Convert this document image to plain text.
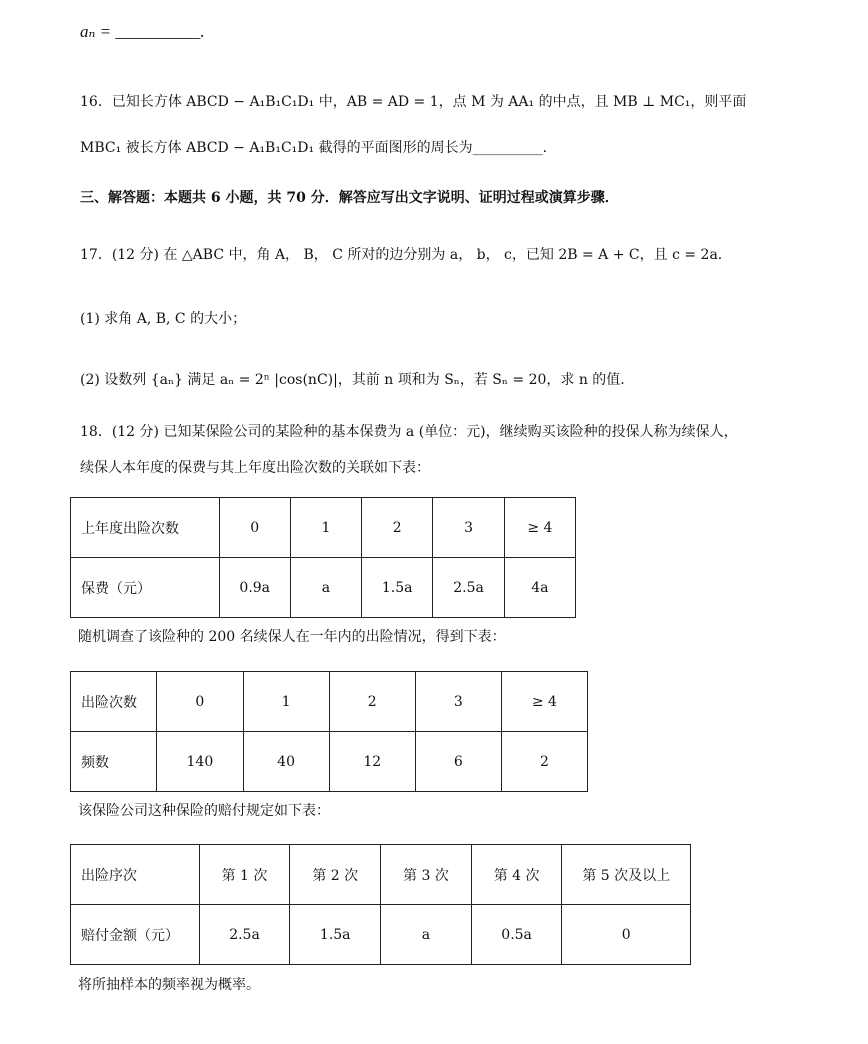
aₙ = __________.
16．已知长方体 ABCD − A₁B₁C₁D₁ 中，AB = AD = 1，点 M 为 AA₁ 的中点，且 MB ⊥ MC₁，则平面
MBC₁ 被长方体 ABCD − A₁B₁C₁D₁ 截得的平面图形的周长为__________.
三、解答题：本题共 6 小题，共 70 分．解答应写出文字说明、证明过程或演算步骤．
17．(12 分) 在 △ABC 中，角 A， B， C 所对的边分别为 a， b， c，已知 2B = A + C，且 c = 2a.
(1) 求角 A, B, C 的大小；
(2) 设数列 {aₙ} 满足 aₙ = 2ⁿ |cos(nC)|，其前 n 项和为 Sₙ，若 Sₙ = 20，求 n 的值.
18．(12 分) 已知某保险公司的某险种的基本保费为 a (单位：元)，继续购买该险种的投保人称为续保人，
续保人本年度的保费与其上年度出险次数的关联如下表：
上年度出险次数	0	1	2	3	≥ 4
保费（元）	0.9a	a	1.5a	2.5a	4a
随机调查了该险种的 200 名续保人在一年内的出险情况，得到下表：
出险次数	0	1	2	3	≥ 4
频数	140	40	12	6	2
该保险公司这种保险的赔付规定如下表：
出险序次	第 1 次	第 2 次	第 3 次	第 4 次	第 5 次及以上
赔付金额（元）	2.5a	1.5a	a	0.5a	0
将所抽样本的频率视为概率。
